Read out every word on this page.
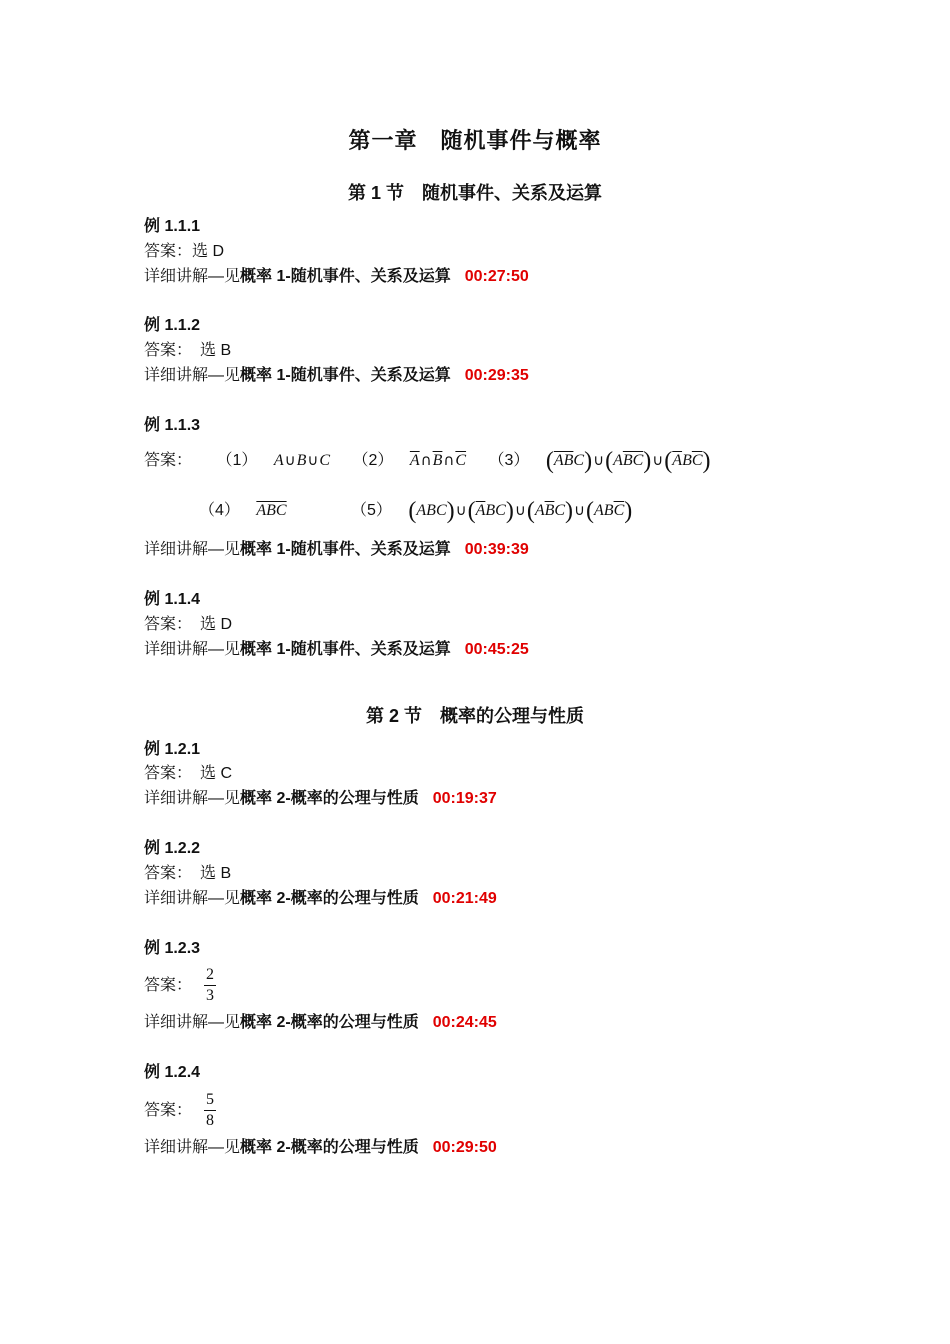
第一章　随机事件与概率
第 1 节　随机事件、关系及运算
例 1.1.1
答案：选 D
详细讲解—见概率 1-随机事件、关系及运算 00:27:50
例 1.1.2
答案： 选 B
详细讲解—见概率 1-随机事件、关系及运算 00:29:35
例 1.1.3
答案： （1） A∪B∪C （2） $\overline{A}\cap\overline{B}\cap\overline{C}$ （3） $(\overline{AB}C)\cup(A\overline{BC})\cup(\overline{A}B\overline{C})$
（4） $\overline{ABC}$	（5） $(ABC)\cup(\overline{A}BC)\cup(A\overline{B}C)\cup(AB\overline{C})$
详细讲解—见概率 1-随机事件、关系及运算 00:39:39
例 1.1.4
答案： 选 D
详细讲解—见概率 1-随机事件、关系及运算 00:45:25
第 2 节　概率的公理与性质
例 1.2.1
答案： 选 C
详细讲解—见概率 2-概率的公理与性质 00:19:37
例 1.2.2
答案： 选 B
详细讲解—见概率 2-概率的公理与性质 00:21:49
例 1.2.3
答案： $\frac{2}{3}$
详细讲解—见概率 2-概率的公理与性质 00:24:45
例 1.2.4
答案： $\frac{5}{8}$
详细讲解—见概率 2-概率的公理与性质 00:29:50
